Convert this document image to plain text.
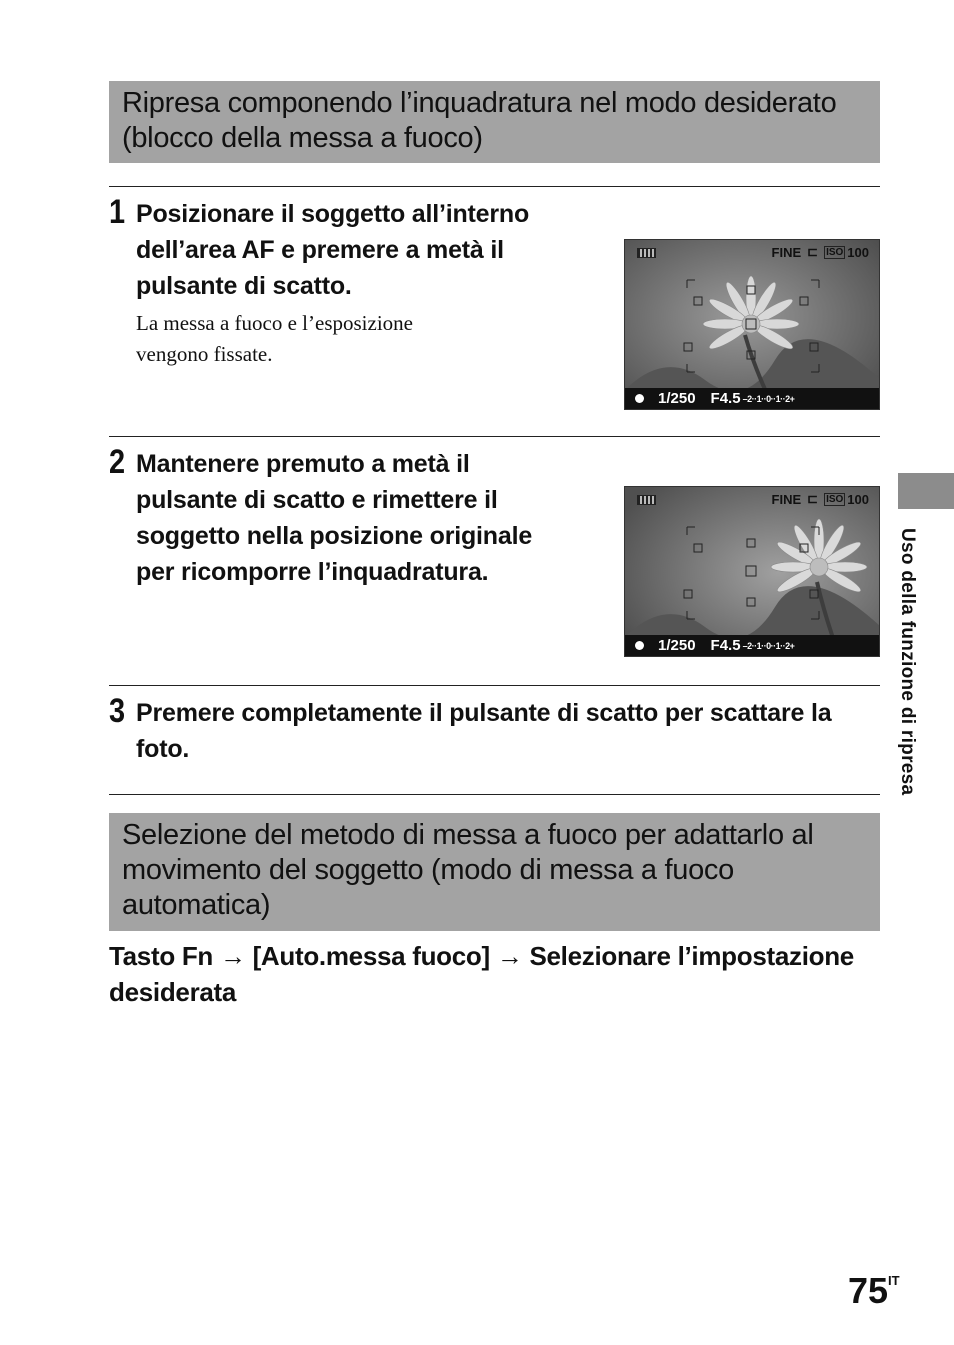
Ripresa componendo l’inquadratura nel modo desiderato
(blocco della messa a fuoco)
1 Posizionare il soggetto all’interno
dell’area AF e premere a metà il
pulsante di scatto.
La messa a fuoco e l’esposizione
vengono fissate.
FINE ⊏ ISO 100
1/250 F4.5 –2··1··0··1··2+
2 Mantenere premuto a metà il
pulsante di scatto e rimettere il
soggetto nella posizione originale
per ricomporre l’inquadratura.
FINE ⊏ ISO 100
1/250 F4.5 –2··1··0··1··2+
3 Premere completamente il pulsante di scatto per scattare la
foto.
Selezione del metodo di messa a fuoco per adattarlo al
movimento del soggetto (modo di messa a fuoco
automatica)
Tasto Fn → [Auto.messa fuoco] → Selezionare l’impostazione
desiderata
Uso della funzione di ripresa
$75^{IT}$
